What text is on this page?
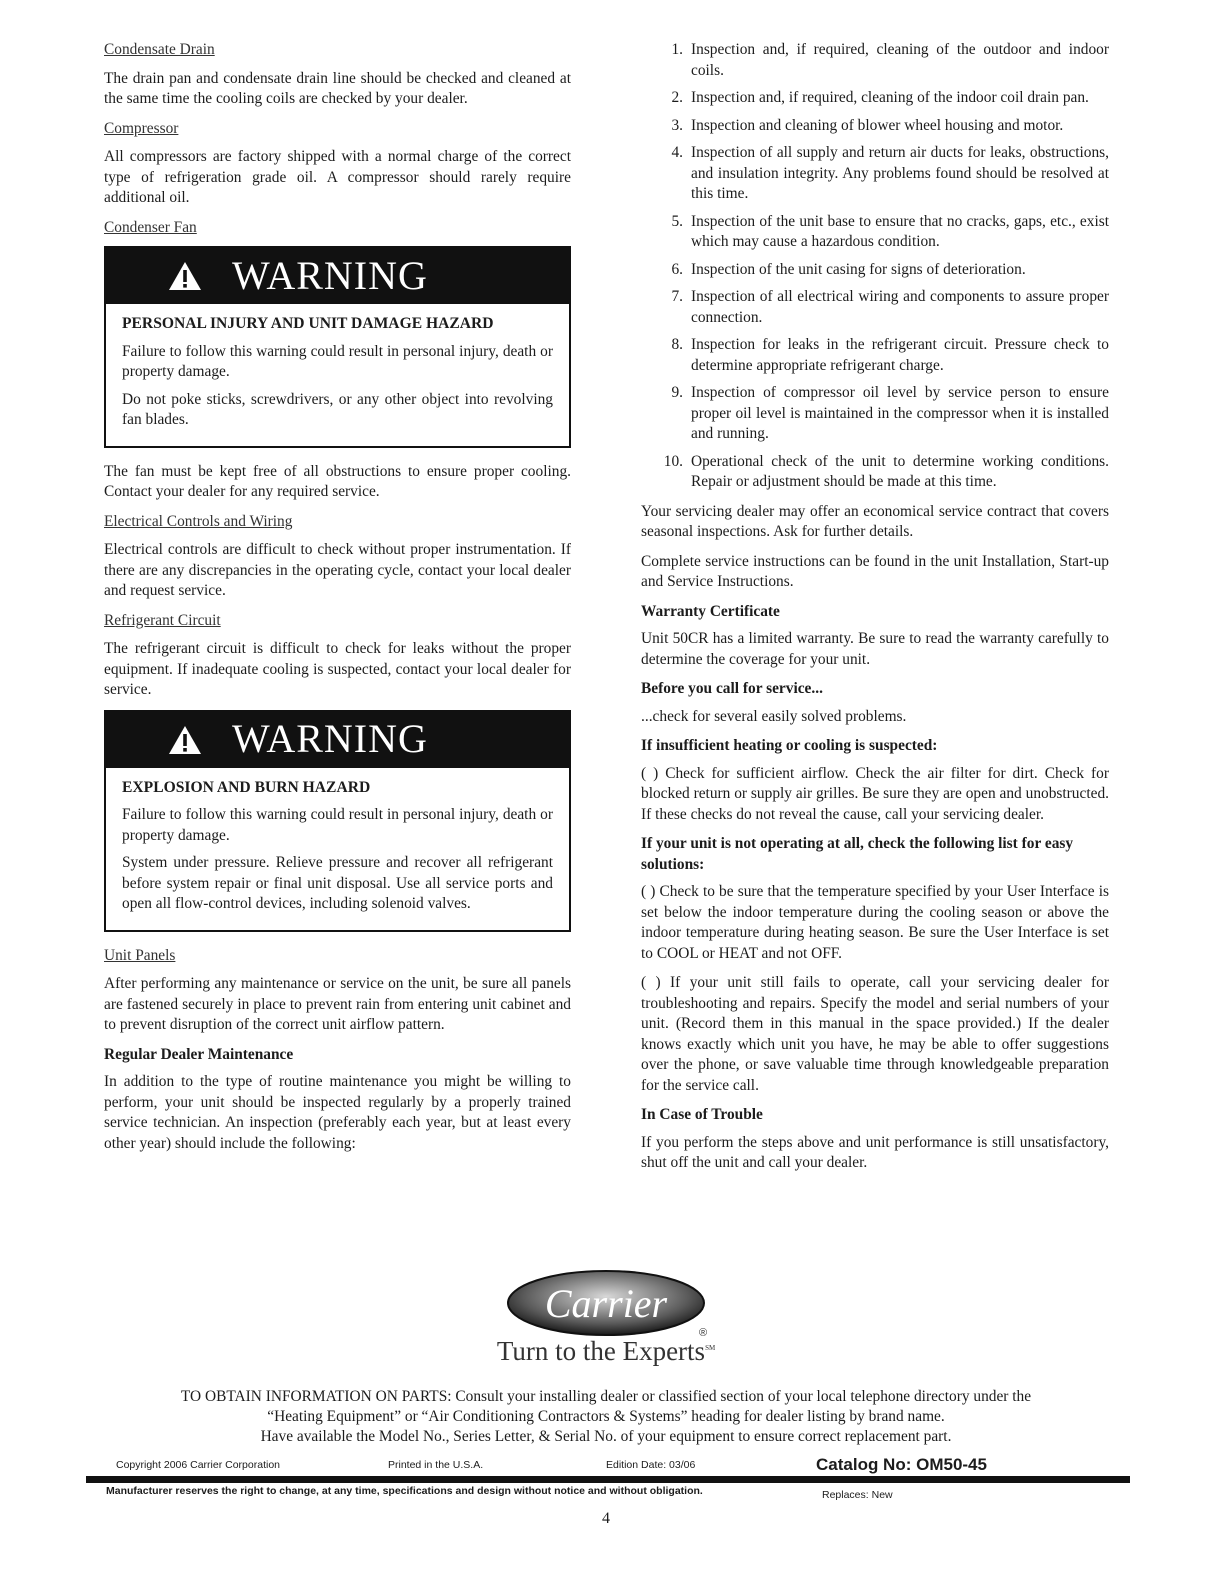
Condensate Drain

The drain pan and condensate drain line should be checked and cleaned at the same time the cooling coils are checked by your dealer.

Compressor

All compressors are factory shipped with a normal charge of the correct type of refrigeration grade oil. A compressor should rarely require additional oil.

Condenser Fan
WARNING
PERSONAL INJURY AND UNIT DAMAGE HAZARD

Failure to follow this warning could result in personal injury, death or property damage.

Do not poke sticks, screwdrivers, or any other object into revolving fan blades.

The fan must be kept free of all obstructions to ensure proper cooling. Contact your dealer for any required service.

Electrical Controls and Wiring

Electrical controls are difficult to check without proper instrumentation. If there are any discrepancies in the operating cycle, contact your local dealer and request service.

Refrigerant Circuit

The refrigerant circuit is difficult to check for leaks without the proper equipment. If inadequate cooling is suspected, contact your local dealer for service.

WARNING
EXPLOSION AND BURN HAZARD

Failure to follow this warning could result in personal injury, death or property damage.

System under pressure. Relieve pressure and recover all refrigerant before system repair or final unit disposal. Use all service ports and open all flow-control devices, including solenoid valves.

Unit Panels

After performing any maintenance or service on the unit, be sure all panels are fastened securely in place to prevent rain from entering unit cabinet and to prevent disruption of the correct unit airflow pattern.

Regular Dealer Maintenance

In addition to the type of routine maintenance you might be willing to perform, your unit should be inspected regularly by a properly trained service technician. An inspection (preferably each year, but at least every other year) should include the following:

1. Inspection and, if required, cleaning of the outdoor and indoor coils.
2. Inspection and, if required, cleaning of the indoor coil drain pan.
3. Inspection and cleaning of blower wheel housing and motor.
4. Inspection of all supply and return air ducts for leaks, obstructions, and insulation integrity. Any problems found should be resolved at this time.
5. Inspection of the unit base to ensure that no cracks, gaps, etc., exist which may cause a hazardous condition.
6. Inspection of the unit casing for signs of deterioration.
7. Inspection of all electrical wiring and components to assure proper connection.
8. Inspection for leaks in the refrigerant circuit. Pressure check to determine appropriate refrigerant charge.
9. Inspection of compressor oil level by service person to ensure proper oil level is maintained in the compressor when it is installed and running.
10. Operational check of the unit to determine working conditions. Repair or adjustment should be made at this time.

Your servicing dealer may offer an economical service contract that covers seasonal inspections. Ask for further details.

Complete service instructions can be found in the unit Installation, Start-up and Service Instructions.

Warranty Certificate

Unit 50CR has a limited warranty. Be sure to read the warranty carefully to determine the coverage for your unit.

Before you call for service...

...check for several easily solved problems.

If insufficient heating or cooling is suspected:

( ) Check for sufficient airflow. Check the air filter for dirt. Check for blocked return or supply air grilles. Be sure they are open and unobstructed. If these checks do not reveal the cause, call your servicing dealer.

If your unit is not operating at all, check the following list for easy solutions:

( ) Check to be sure that the temperature specified by your User Interface is set below the indoor temperature during the cooling season or above the indoor temperature during heating season. Be sure the User Interface is set to COOL or HEAT and not OFF.

( ) If your unit still fails to operate, call your servicing dealer for troubleshooting and repairs. Specify the model and serial numbers of your unit. (Record them in this manual in the space provided.) If the dealer knows exactly which unit you have, he may be able to offer suggestions over the phone, or save valuable time through knowledgeable preparation for the service call.

In Case of Trouble

If you perform the steps above and unit performance is still unsatisfactory, shut off the unit and call your dealer.

Carrier
®
Turn to the Experts℠
TO OBTAIN INFORMATION ON PARTS: Consult your installing dealer or classified section of your local telephone directory under the
“Heating Equipment” or “Air Conditioning Contractors & Systems” heading for dealer listing by brand name.
Have available the Model No., Series Letter, & Serial No. of your equipment to ensure correct replacement part.
Copyright 2006 Carrier Corporation	Printed in the U.S.A.	Edition Date: 03/06	Catalog No: OM50-45
Manufacturer reserves the right to change, at any time, specifications and design without notice and without obligation.	Replaces: New
4
